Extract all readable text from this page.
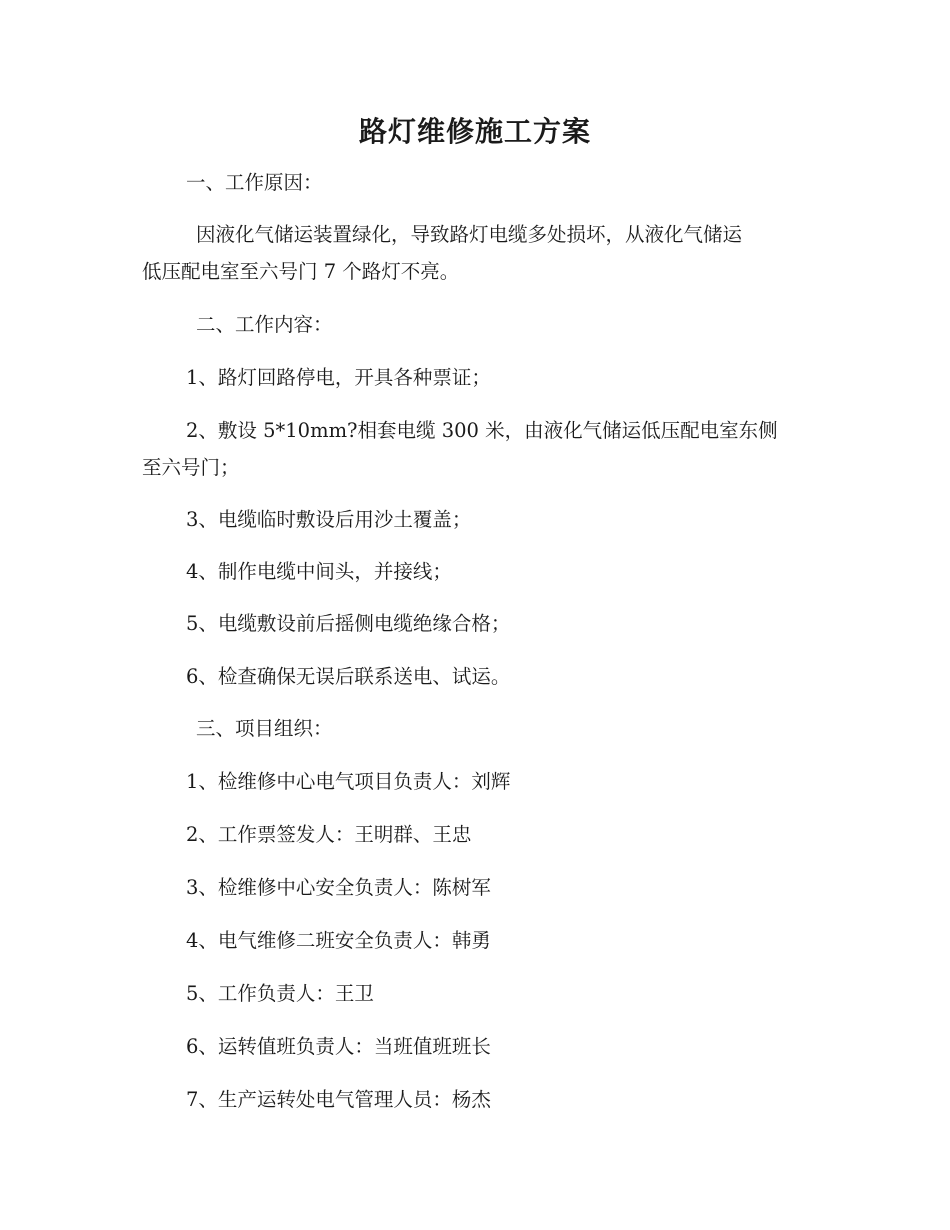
路灯维修施工方案
一、工作原因：
因液化气储运装置绿化，导致路灯电缆多处损坏，从液化气储运
低压配电室至六号门 7 个路灯不亮。
二、工作内容：
1、路灯回路停电，开具各种票证；
2、敷设 5*10mm?相套电缆 300 米，由液化气储运低压配电室东侧
至六号门；
3、电缆临时敷设后用沙土覆盖；
4、制作电缆中间头，并接线；
5、电缆敷设前后摇侧电缆绝缘合格；
6、检查确保无误后联系送电、试运。
三、项目组织：
1、检维修中心电气项目负责人：刘辉
2、工作票签发人：王明群、王忠
3、检维修中心安全负责人：陈树军
4、电气维修二班安全负责人：韩勇
5、工作负责人：王卫
6、运转值班负责人：当班值班班长
7、生产运转处电气管理人员：杨杰
